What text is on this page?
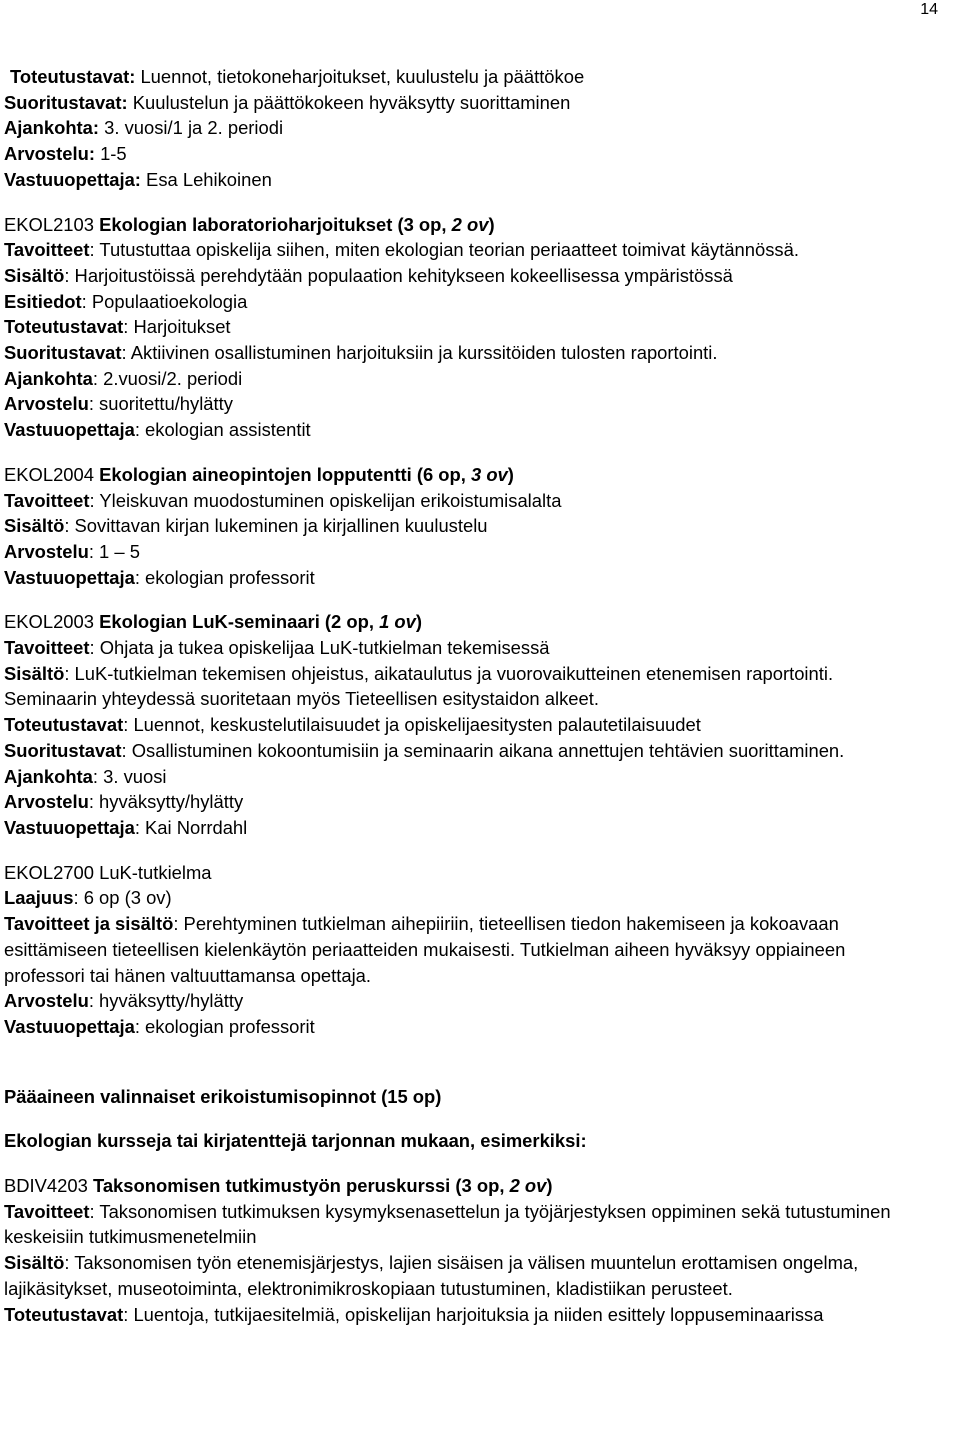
14
Toteutustavat: Luennot, tietokoneharjoitukset, kuulustelu ja päättökoe
Suoritustavat: Kuulustelun ja päättökokeen hyväksytty suorittaminen
Ajankohta: 3. vuosi/1 ja 2. periodi
Arvostelu: 1-5
Vastuuopettaja: Esa Lehikoinen
EKOL2103 Ekologian laboratorioharjoitukset (3 op, 2 ov)
Tavoitteet: Tutustuttaa opiskelija siihen, miten ekologian teorian periaatteet toimivat käytännössä.
Sisältö: Harjoitustöissä perehdytään populaation kehitykseen kokeellisessa ympäristössä
Esitiedot: Populaatioekologia
Toteutustavat: Harjoitukset
Suoritustavat: Aktiivinen osallistuminen harjoituksiin ja kurssitöiden tulosten raportointi.
Ajankohta: 2.vuosi/2. periodi
Arvostelu: suoritettu/hylätty
Vastuuopettaja: ekologian assistentit
EKOL2004 Ekologian aineopintojen lopputentti (6 op, 3 ov)
Tavoitteet: Yleiskuvan muodostuminen opiskelijan erikoistumisalalta
Sisältö: Sovittavan kirjan lukeminen ja kirjallinen kuulustelu
Arvostelu: 1 – 5
Vastuuopettaja: ekologian professorit
EKOL2003 Ekologian LuK-seminaari (2 op, 1 ov)
Tavoitteet: Ohjata ja tukea opiskelijaa LuK-tutkielman tekemisessä
Sisältö: LuK-tutkielman tekemisen ohjeistus, aikataulutus ja vuorovaikutteinen etenemisen raportointi. Seminaarin yhteydessä suoritetaan myös Tieteellisen esitystaidon alkeet.
Toteutustavat: Luennot, keskustelutilaisuudet ja opiskelijaesitysten palautetilaisuudet
Suoritustavat: Osallistuminen kokoontumisiin ja seminaarin aikana annettujen tehtävien suorittaminen.
Ajankohta: 3. vuosi
Arvostelu: hyväksytty/hylätty
Vastuuopettaja: Kai Norrdahl
EKOL2700 LuK-tutkielma
Laajuus: 6 op (3 ov)
Tavoitteet ja sisältö: Perehtyminen tutkielman aihepiiriin, tieteellisen tiedon hakemiseen ja kokoavaan esittämiseen tieteellisen kielenkäytön periaatteiden mukaisesti. Tutkielman aiheen hyväksyy oppiaineen professori tai hänen valtuuttamansa opettaja.
Arvostelu: hyväksytty/hylätty
Vastuuopettaja: ekologian professorit
Pääaineen valinnaiset erikoistumisopinnot (15 op)
Ekologian kursseja tai kirjatenttejä tarjonnan mukaan, esimerkiksi:
BDIV4203 Taksonomisen tutkimustyön peruskurssi (3 op, 2 ov)
Tavoitteet: Taksonomisen tutkimuksen kysymyksenasettelun ja työjärjestyksen oppiminen sekä tutustuminen keskeisiin tutkimusmenetelmiin
Sisältö: Taksonomisen työn etenemisjärjestys, lajien sisäisen ja välisen muuntelun erottamisen ongelma, lajikäsitykset, museotoiminta, elektronimikroskopiaan tutustuminen, kladistiikan perusteet.
Toteutustavat: Luentoja, tutkijaesitelmiä, opiskelijan harjoituksia ja niiden esittely loppuseminaarissa
